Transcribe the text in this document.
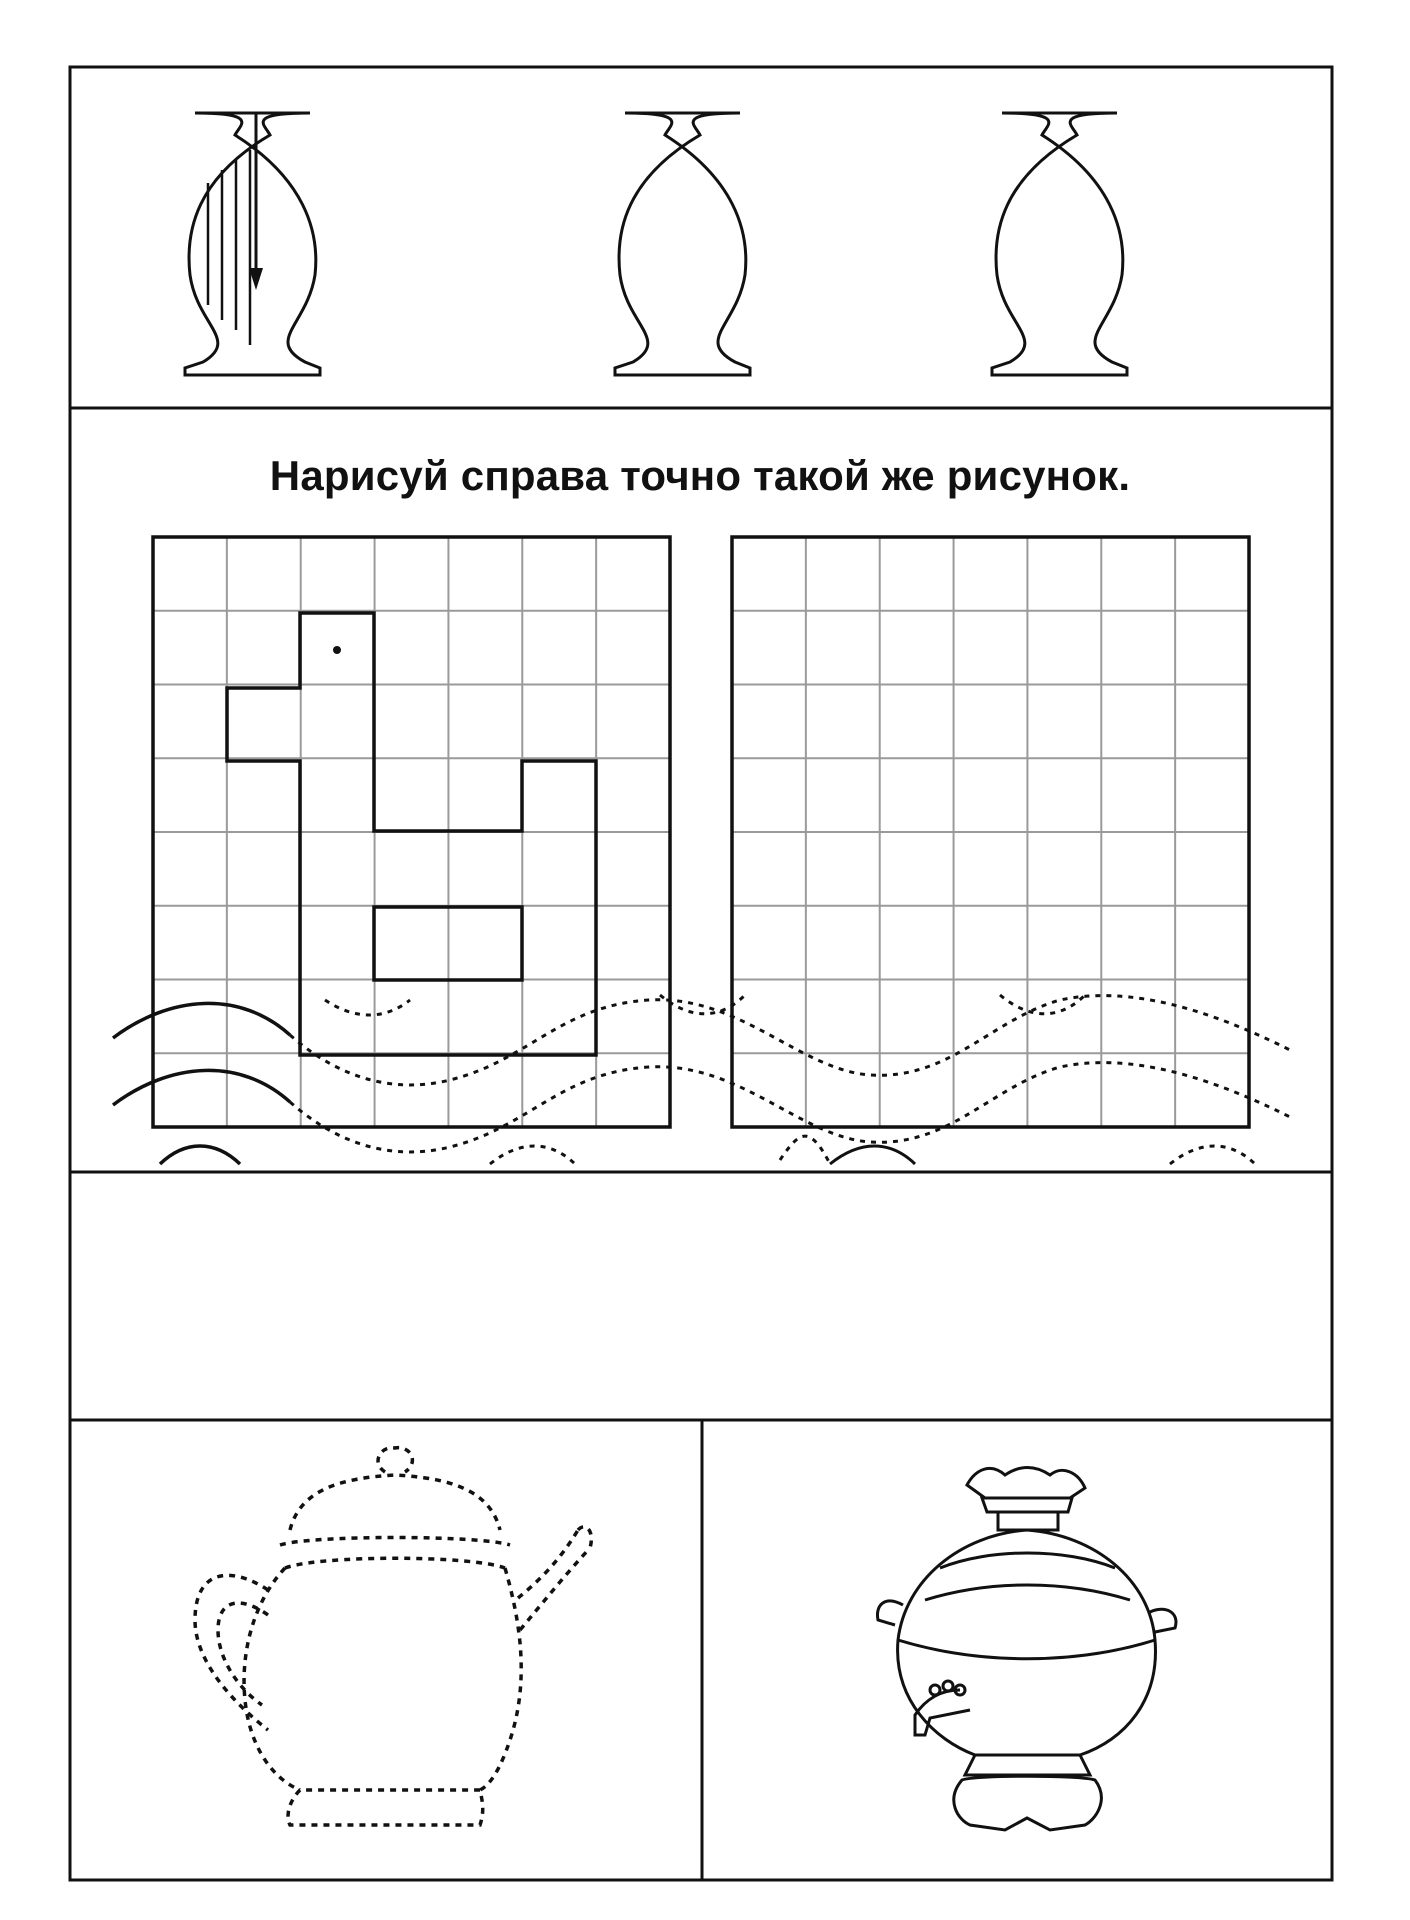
Нарисуй справа точно такой же рисунок.
